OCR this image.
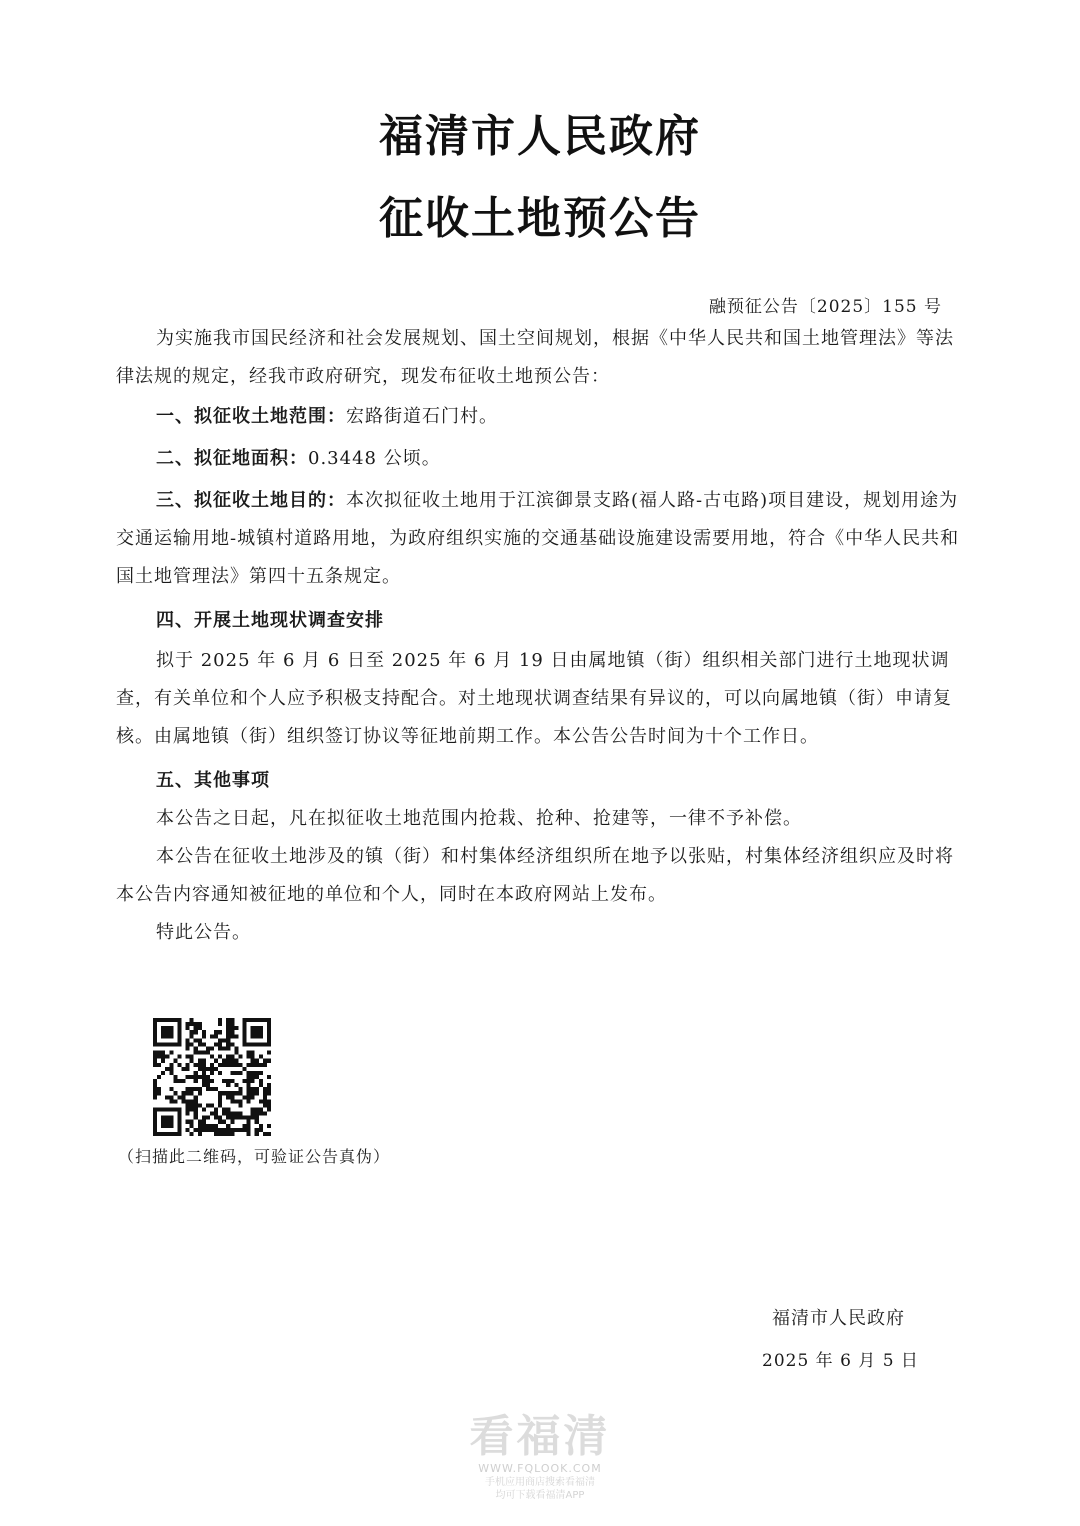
福清市人民政府
征收土地预公告
融预征公告〔2025〕155 号

为实施我市国民经济和社会发展规划、国土空间规划，根据《中华人民共和国土地管理法》等法律法规的规定，经我市政府研究，现发布征收土地预公告：

一、拟征收土地范围：宏路街道石门村。

二、拟征地面积：0.3448 公顷。

三、拟征收土地目的：本次拟征收土地用于江滨御景支路(福人路-古屯路)项目建设，规划用途为交通运输用地-城镇村道路用地，为政府组织实施的交通基础设施建设需要用地，符合《中华人民共和国土地管理法》第四十五条规定。

四、开展土地现状调查安排

拟于 2025 年 6 月 6 日至 2025 年 6 月 19 日由属地镇（街）组织相关部门进行土地现状调查，有关单位和个人应予积极支持配合。对土地现状调查结果有异议的，可以向属地镇（街）申请复核。由属地镇（街）组织签订协议等征地前期工作。本公告公告时间为十个工作日。

五、其他事项

本公告之日起，凡在拟征收土地范围内抢栽、抢种、抢建等，一律不予补偿。

本公告在征收土地涉及的镇（街）和村集体经济组织所在地予以张贴，村集体经济组织应及时将本公告内容通知被征地的单位和个人，同时在本政府网站上发布。

特此公告。

（扫描此二维码，可验证公告真伪）
福清市人民政府
2025 年 6 月 5 日
看福清
WWW.FQLOOK.COM
手机应用商店搜索看福清
均可下载看福清APP
